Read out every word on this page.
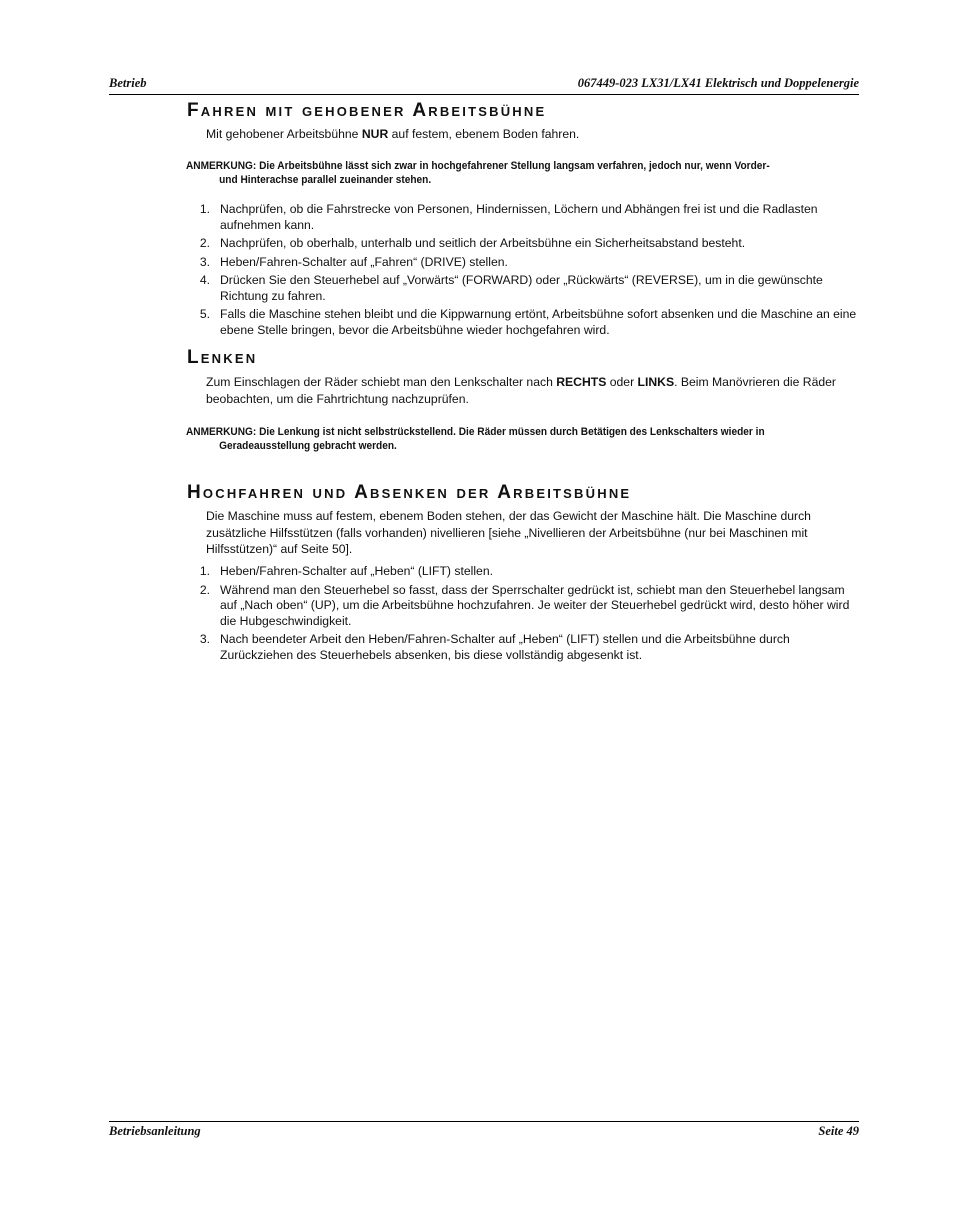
Betrieb	067449-023 LX31/LX41 Elektrisch und Doppelenergie
Fahren mit gehobener Arbeitsbühne

Mit gehobener Arbeitsbühne NUR auf festem, ebenem Boden fahren.

ANMERKUNG: Die Arbeitsbühne lässt sich zwar in hochgefahrener Stellung langsam verfahren, jedoch nur, wenn Vorder-
und Hinterachse parallel zueinander stehen.

1. Nachprüfen, ob die Fahrstrecke von Personen, Hindernissen, Löchern und Abhängen frei ist und die Radlasten aufnehmen kann.
2. Nachprüfen, ob oberhalb, unterhalb und seitlich der Arbeitsbühne ein Sicherheitsabstand besteht.
3. Heben/Fahren-Schalter auf „Fahren“ (DRIVE) stellen.
4. Drücken Sie den Steuerhebel auf „Vorwärts“ (FORWARD) oder „Rückwärts“ (REVERSE), um in die gewünschte Richtung zu fahren.
5. Falls die Maschine stehen bleibt und die Kippwarnung ertönt, Arbeitsbühne sofort absenken und die Maschine an eine ebene Stelle bringen, bevor die Arbeitsbühne wieder hochgefahren wird.
Lenken

Zum Einschlagen der Räder schiebt man den Lenkschalter nach RECHTS oder LINKS. Beim Manövrieren die Räder beobachten, um die Fahrtrichtung nachzuprüfen.

ANMERKUNG: Die Lenkung ist nicht selbstrückstellend. Die Räder müssen durch Betätigen des Lenkschalters wieder in
Geradeausstellung gebracht werden.

Hochfahren und Absenken der Arbeitsbühne

Die Maschine muss auf festem, ebenem Boden stehen, der das Gewicht der Maschine hält. Die Maschine durch zusätzliche Hilfsstützen (falls vorhanden) nivellieren [siehe „Nivellieren der Arbeitsbühne (nur bei Maschinen mit Hilfsstützen)“ auf Seite 50].

1. Heben/Fahren-Schalter auf „Heben“ (LIFT) stellen.
2. Während man den Steuerhebel so fasst, dass der Sperrschalter gedrückt ist, schiebt man den Steuerhebel langsam auf „Nach oben“ (UP), um die Arbeitsbühne hochzufahren. Je weiter der Steuerhebel gedrückt wird, desto höher wird die Hubgeschwindigkeit.
3. Nach beendeter Arbeit den Heben/Fahren-Schalter auf „Heben“ (LIFT) stellen und die Arbeitsbühne durch Zurückziehen des Steuerhebels absenken, bis diese vollständig abgesenkt ist.
Betriebsanleitung	Seite 49
